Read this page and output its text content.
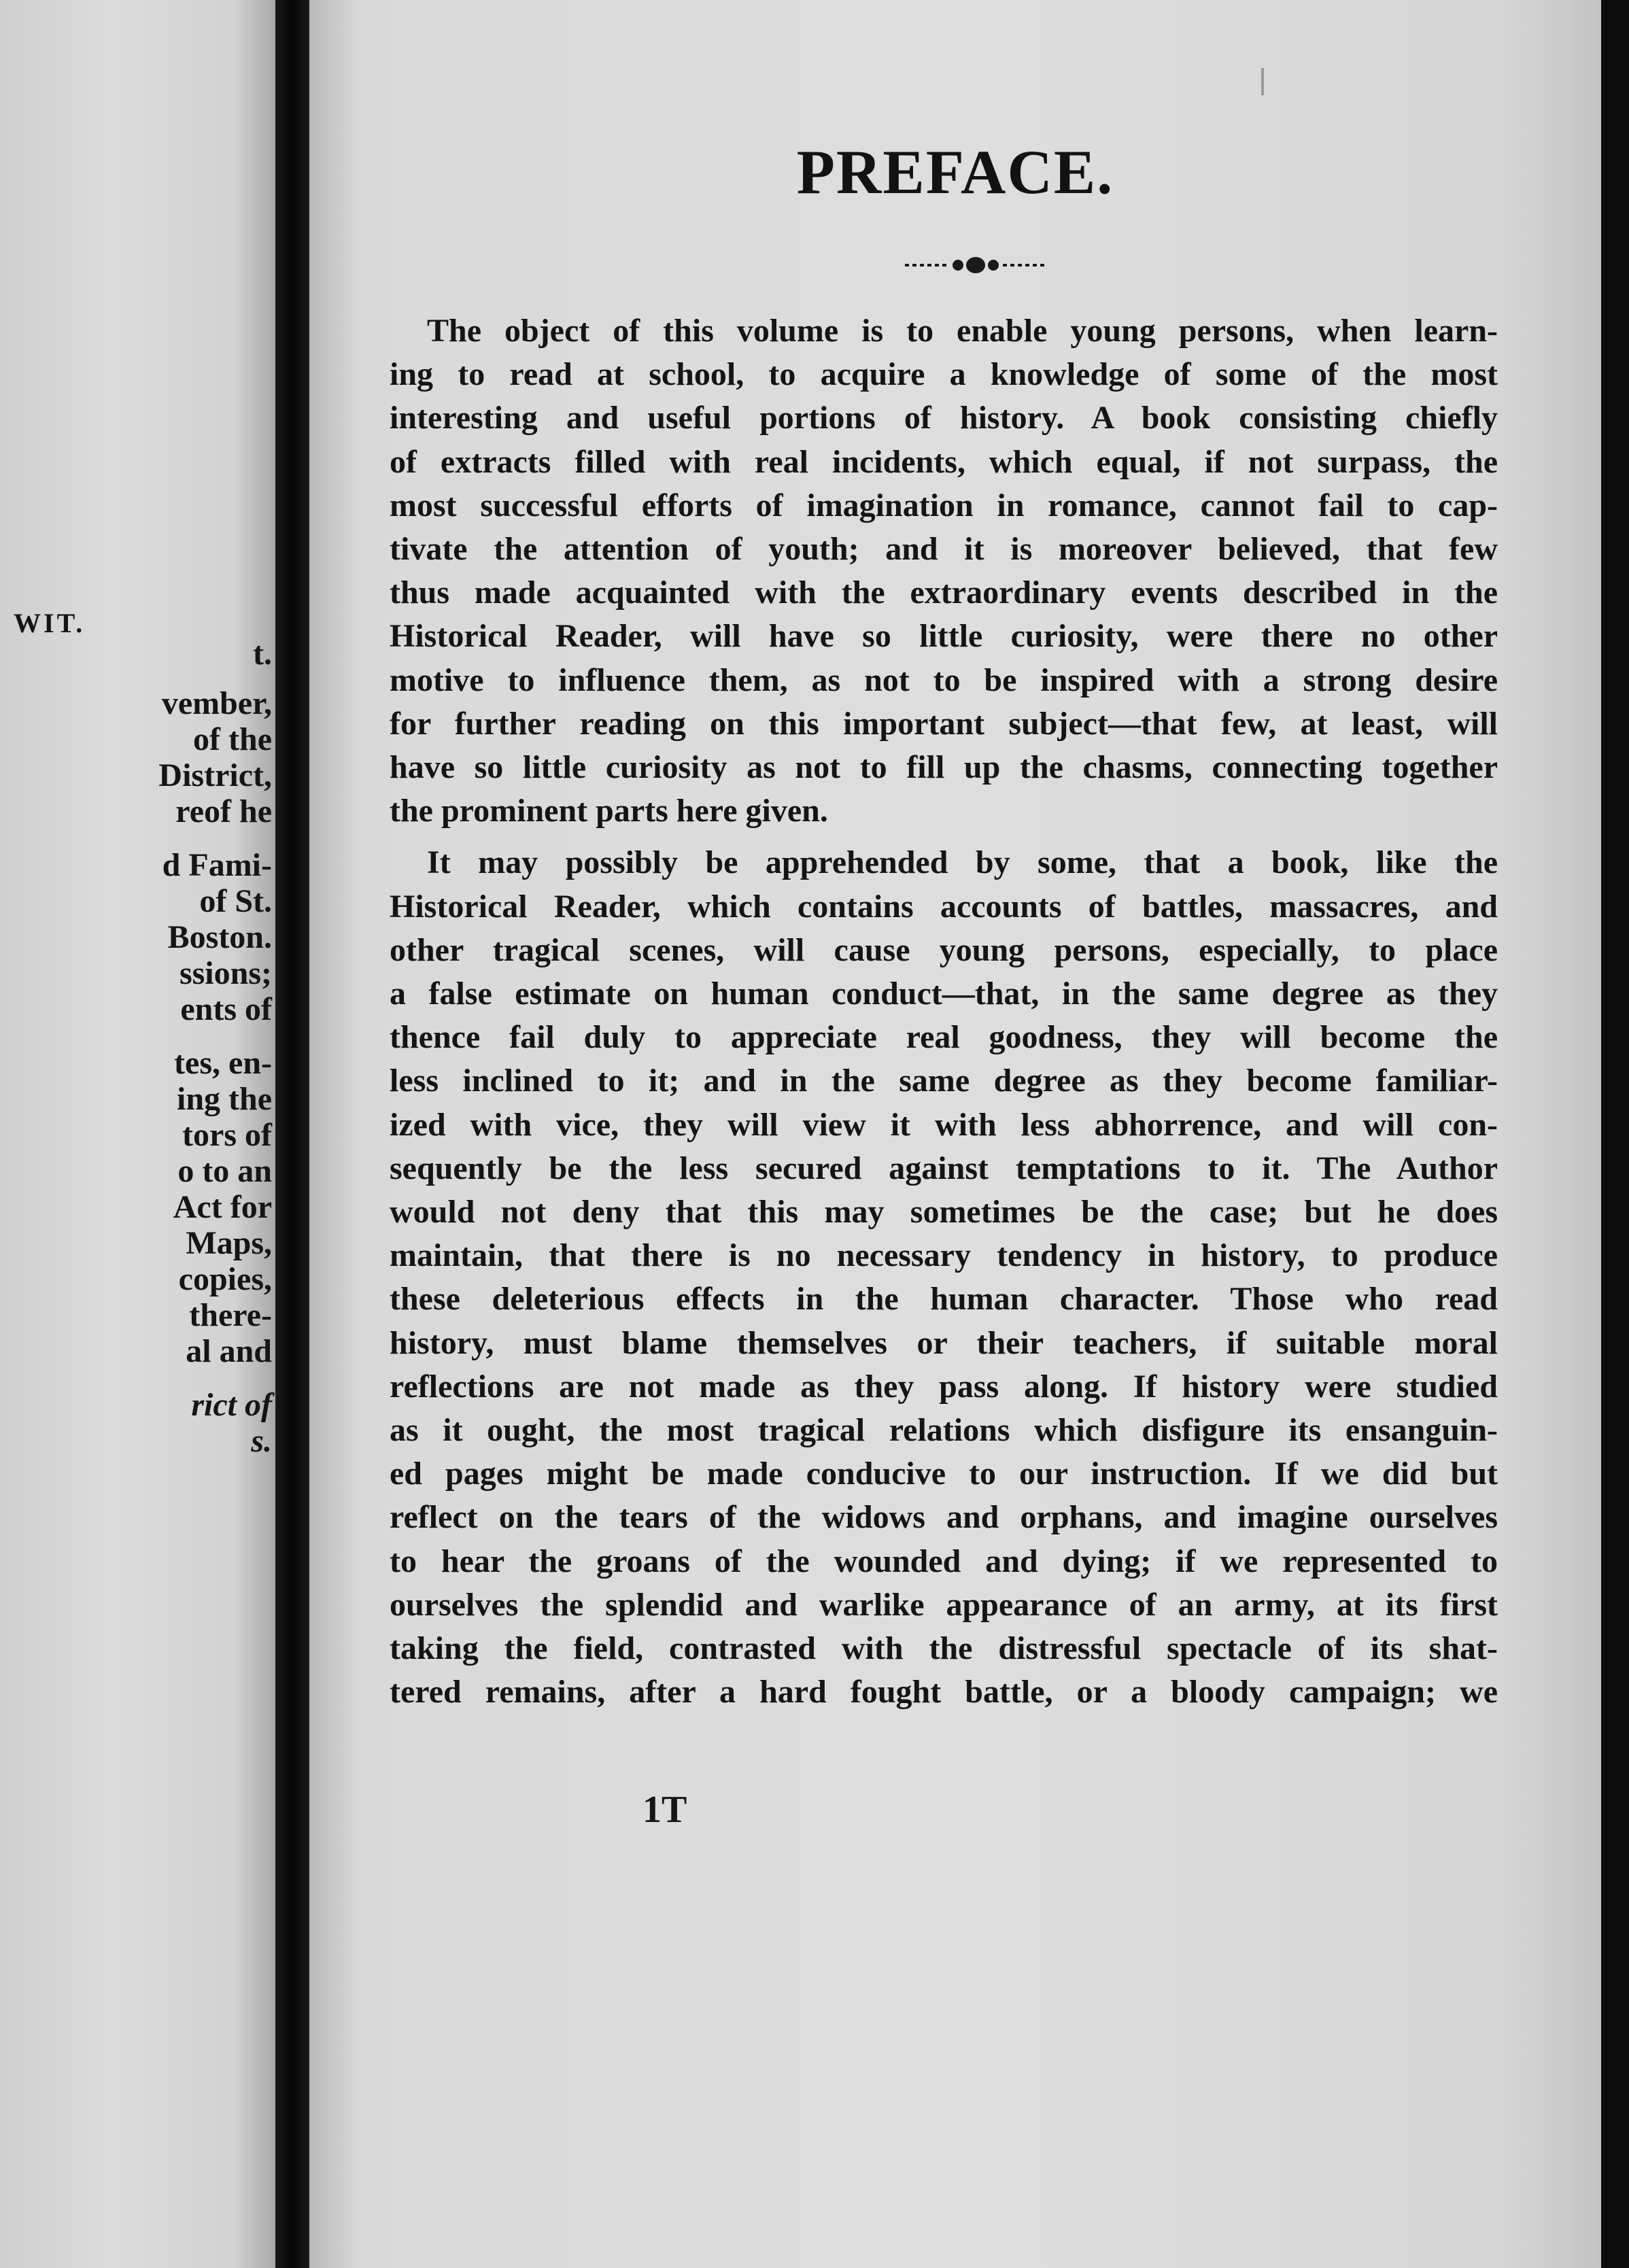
WIT.
t.
vember,
of the
District,
reof he
d Fami-
of St.
Boston.
ssions;
ents of
tes, en-
ing the
tors of
o to an
Act for
Maps,
copies,
there-
al and
rict of
s.
PREFACE.
The object of this volume is to enable young persons, when learn-
ing to read at school, to acquire a knowledge of some of the most
interesting and useful portions of history. A book consisting chiefly
of extracts filled with real incidents, which equal, if not surpass, the
most successful efforts of imagination in romance, cannot fail to cap-
tivate the attention of youth; and it is moreover believed, that few
thus made acquainted with the extraordinary events described in the
Historical Reader, will have so little curiosity, were there no other
motive to influence them, as not to be inspired with a strong desire
for further reading on this important subject—that few, at least, will
have so little curiosity as not to fill up the chasms, connecting together
the prominent parts here given.
It may possibly be apprehended by some, that a book, like the
Historical Reader, which contains accounts of battles, massacres, and
other tragical scenes, will cause young persons, especially, to place
a false estimate on human conduct—that, in the same degree as they
thence fail duly to appreciate real goodness, they will become the
less inclined to it; and in the same degree as they become familiar-
ized with vice, they will view it with less abhorrence, and will con-
sequently be the less secured against temptations to it. The Author
would not deny that this may sometimes be the case; but he does
maintain, that there is no necessary tendency in history, to produce
these deleterious effects in the human character. Those who read
history, must blame themselves or their teachers, if suitable moral
reflections are not made as they pass along. If history were studied
as it ought, the most tragical relations which disfigure its ensanguin-
ed pages might be made conducive to our instruction. If we did but
reflect on the tears of the widows and orphans, and imagine ourselves
to hear the groans of the wounded and dying; if we represented to
ourselves the splendid and warlike appearance of an army, at its first
taking the field, contrasted with the distressful spectacle of its shat-
tered remains, after a hard fought battle, or a bloody campaign; we
1T
